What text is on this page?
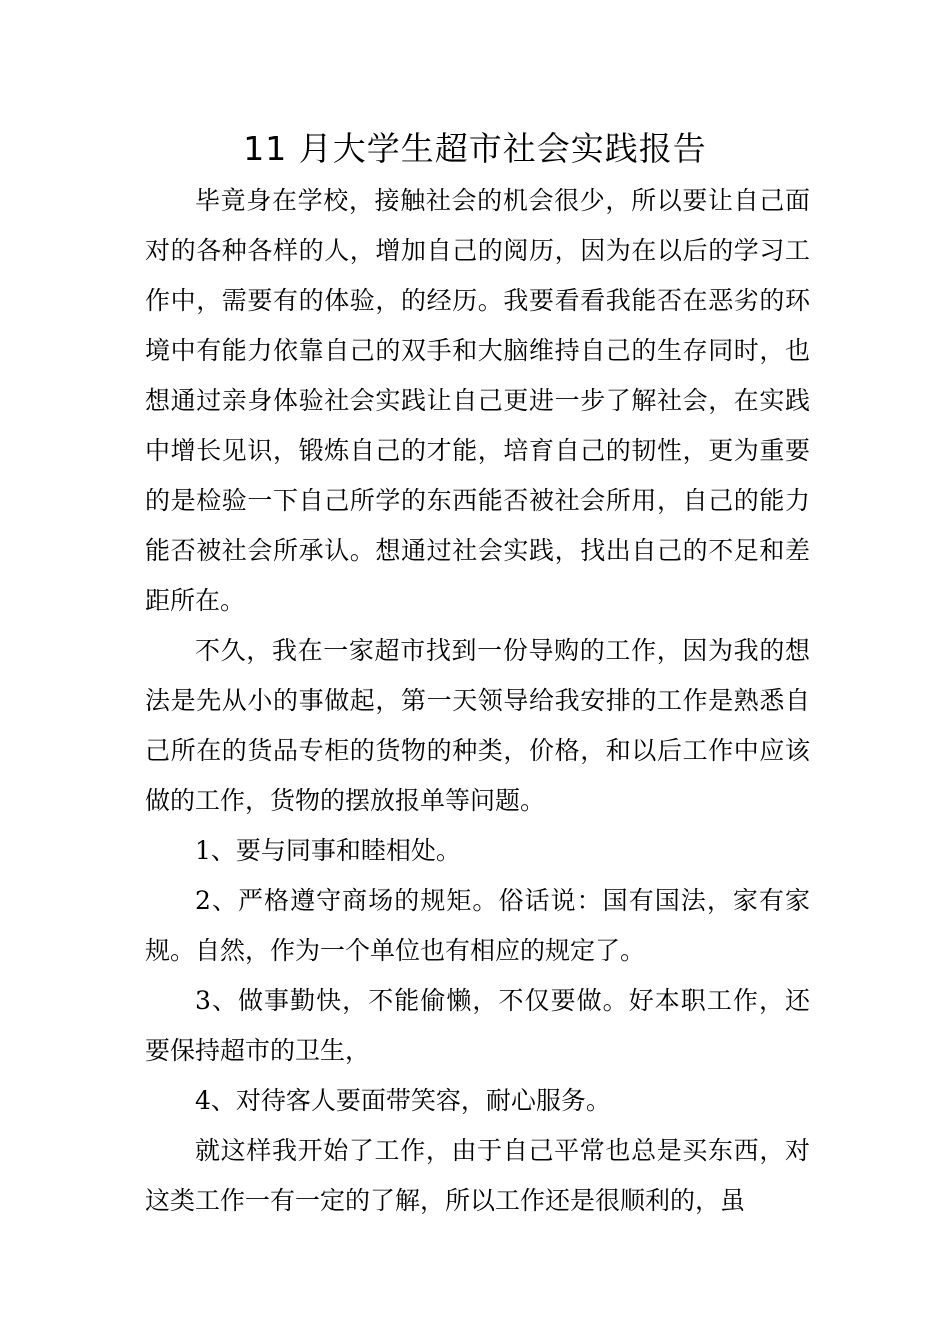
11 月大学生超市社会实践报告

毕竟身在学校，接触社会的机会很少，所以要让自己面对的各种各样的人，增加自己的阅历，因为在以后的学习工作中，需要有的体验，的经历。我要看看我能否在恶劣的环境中有能力依靠自己的双手和大脑维持自己的生存同时，也想通过亲身体验社会实践让自己更进一步了解社会，在实践中增长见识，锻炼自己的才能，培育自己的韧性，更为重要的是检验一下自己所学的东西能否被社会所用，自己的能力能否被社会所承认。想通过社会实践，找出自己的不足和差距所在。

不久，我在一家超市找到一份导购的工作，因为我的想法是先从小的事做起，第一天领导给我安排的工作是熟悉自己所在的货品专柜的货物的种类，价格，和以后工作中应该做的工作，货物的摆放报单等问题。

1、要与同事和睦相处。

2、严格遵守商场的规矩。俗话说：国有国法，家有家规。自然，作为一个单位也有相应的规定了。

3、做事勤快，不能偷懒，不仅要做。好本职工作，还要保持超市的卫生，

4、对待客人要面带笑容，耐心服务。

就这样我开始了工作，由于自己平常也总是买东西，对这类工作一有一定的了解，所以工作还是很顺利的，虽
